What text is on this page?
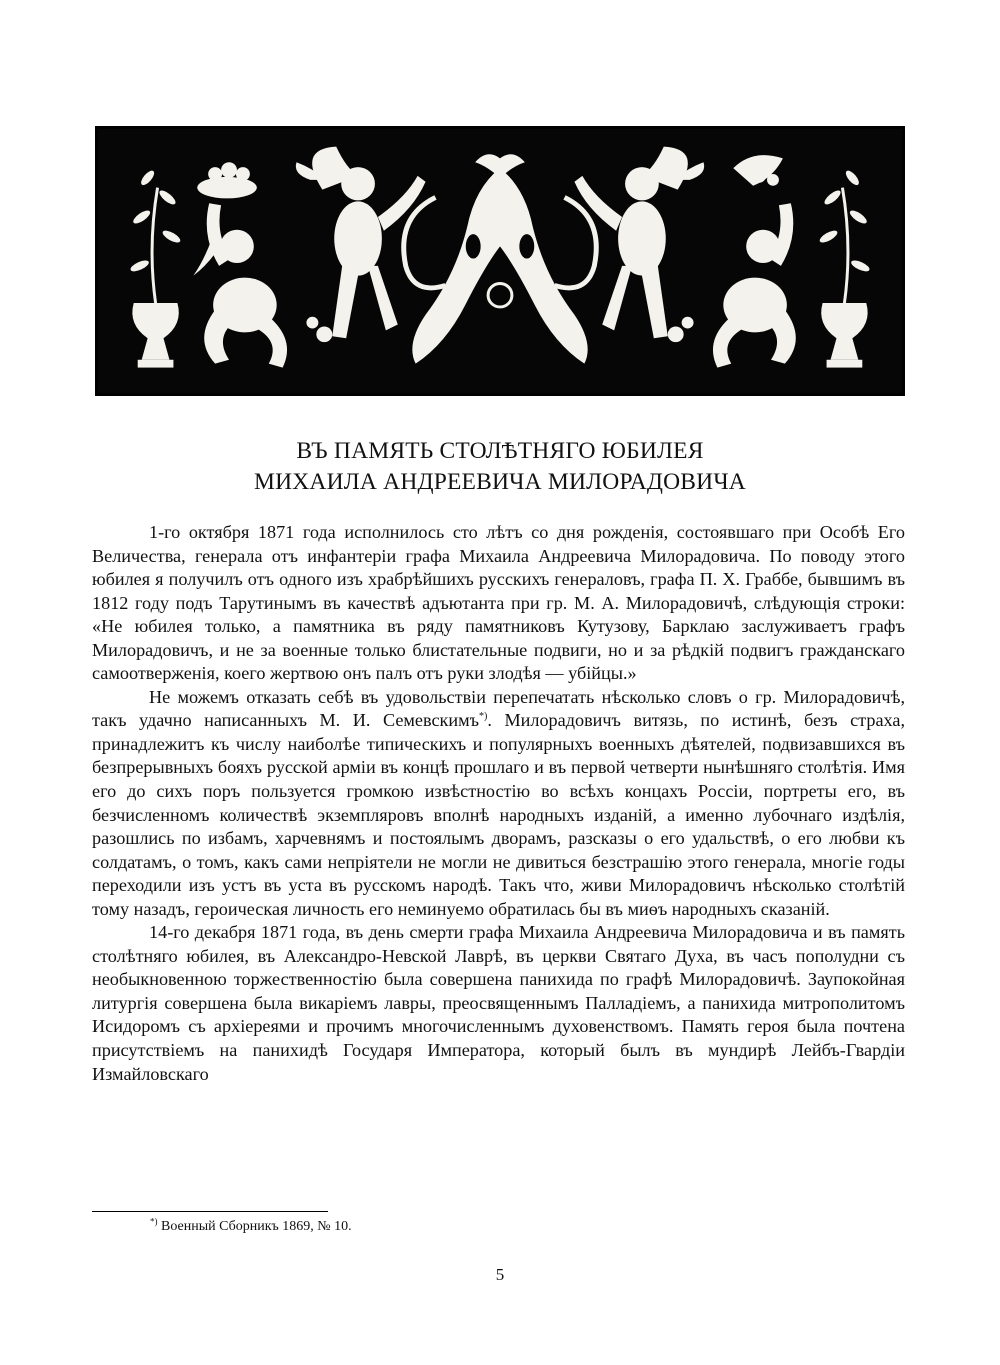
ВЪ ПАМЯТЬ СТОЛѢТНЯГО ЮБИЛЕЯ
МИХАИЛА АНДРЕЕВИЧА МИЛОРАДОВИЧА

1-го октября 1871 года исполнилось сто лѣтъ со дня рожденія, состоявшаго при Особѣ Его Величества, генерала отъ инфантеріи графа Михаила Андреевича Милорадовича. По поводу этого юбилея я получилъ отъ одного изъ храбрѣйшихъ русскихъ генераловъ, графа П. Х. Граббе, бывшимъ въ 1812 году подъ Тарутинымъ въ качествѣ адъютанта при гр. М. А. Милорадовичѣ, слѣдующія строки: «Не юбилея только, а памятника въ ряду памятниковъ Кутузову, Барклаю заслуживаетъ графъ Милорадовичъ, и не за военные только блистательные подвиги, но и за рѣдкій подвигъ гражданскаго самоотверженія, коего жертвою онъ палъ отъ руки злодѣя — убійцы.»

Не можемъ отказать себѣ въ удовольствіи перепечатать нѣсколько словъ о гр. Милорадовичѣ, такъ удачно написанныхъ М. И. Семевскимъ*). Милорадовичъ витязь, по истинѣ, безъ страха, принадлежитъ къ числу наиболѣе типическихъ и популярныхъ военныхъ дѣятелей, подвизавшихся въ безпрерывныхъ бояхъ русской арміи въ концѣ прошлаго и въ первой четверти нынѣшняго столѣтія. Имя его до сихъ поръ пользуется громкою извѣстностію во всѣхъ концахъ Россіи, портреты его, въ безчисленномъ количествѣ экземпляровъ вполнѣ народныхъ изданій, а именно лубочнаго издѣлія, разошлись по избамъ, харчевнямъ и постоялымъ дворамъ, разсказы о его удальствѣ, о его любви къ солдатамъ, о томъ, какъ сами непріятели не могли не дивиться безстрашію этого генерала, многіе годы переходили изъ устъ въ уста въ русскомъ народѣ. Такъ что, живи Милорадовичъ нѣсколько столѣтій тому назадъ, героическая личность его неминуемо обратилась бы въ миѳъ народныхъ сказаній.

14-го декабря 1871 года, въ день смерти графа Михаила Андреевича Милорадовича и въ память столѣтняго юбилея, въ Александро-Невской Лаврѣ, въ церкви Святаго Духа, въ часъ пополудни съ необыкновенною торжественностію была совершена панихида по графѣ Милорадовичѣ. Заупокойная литургія совершена была викаріемъ лавры, преосвященнымъ Палладіемъ, а панихида митрополитомъ Исидоромъ съ архіереями и прочимъ многочисленнымъ духовенствомъ. Память героя была почтена присутствіемъ на панихидѣ Государя Императора, который былъ въ мундирѣ Лейбъ-Гвардіи Измайловскаго

*) Военный Сборникъ 1869, № 10.
5
